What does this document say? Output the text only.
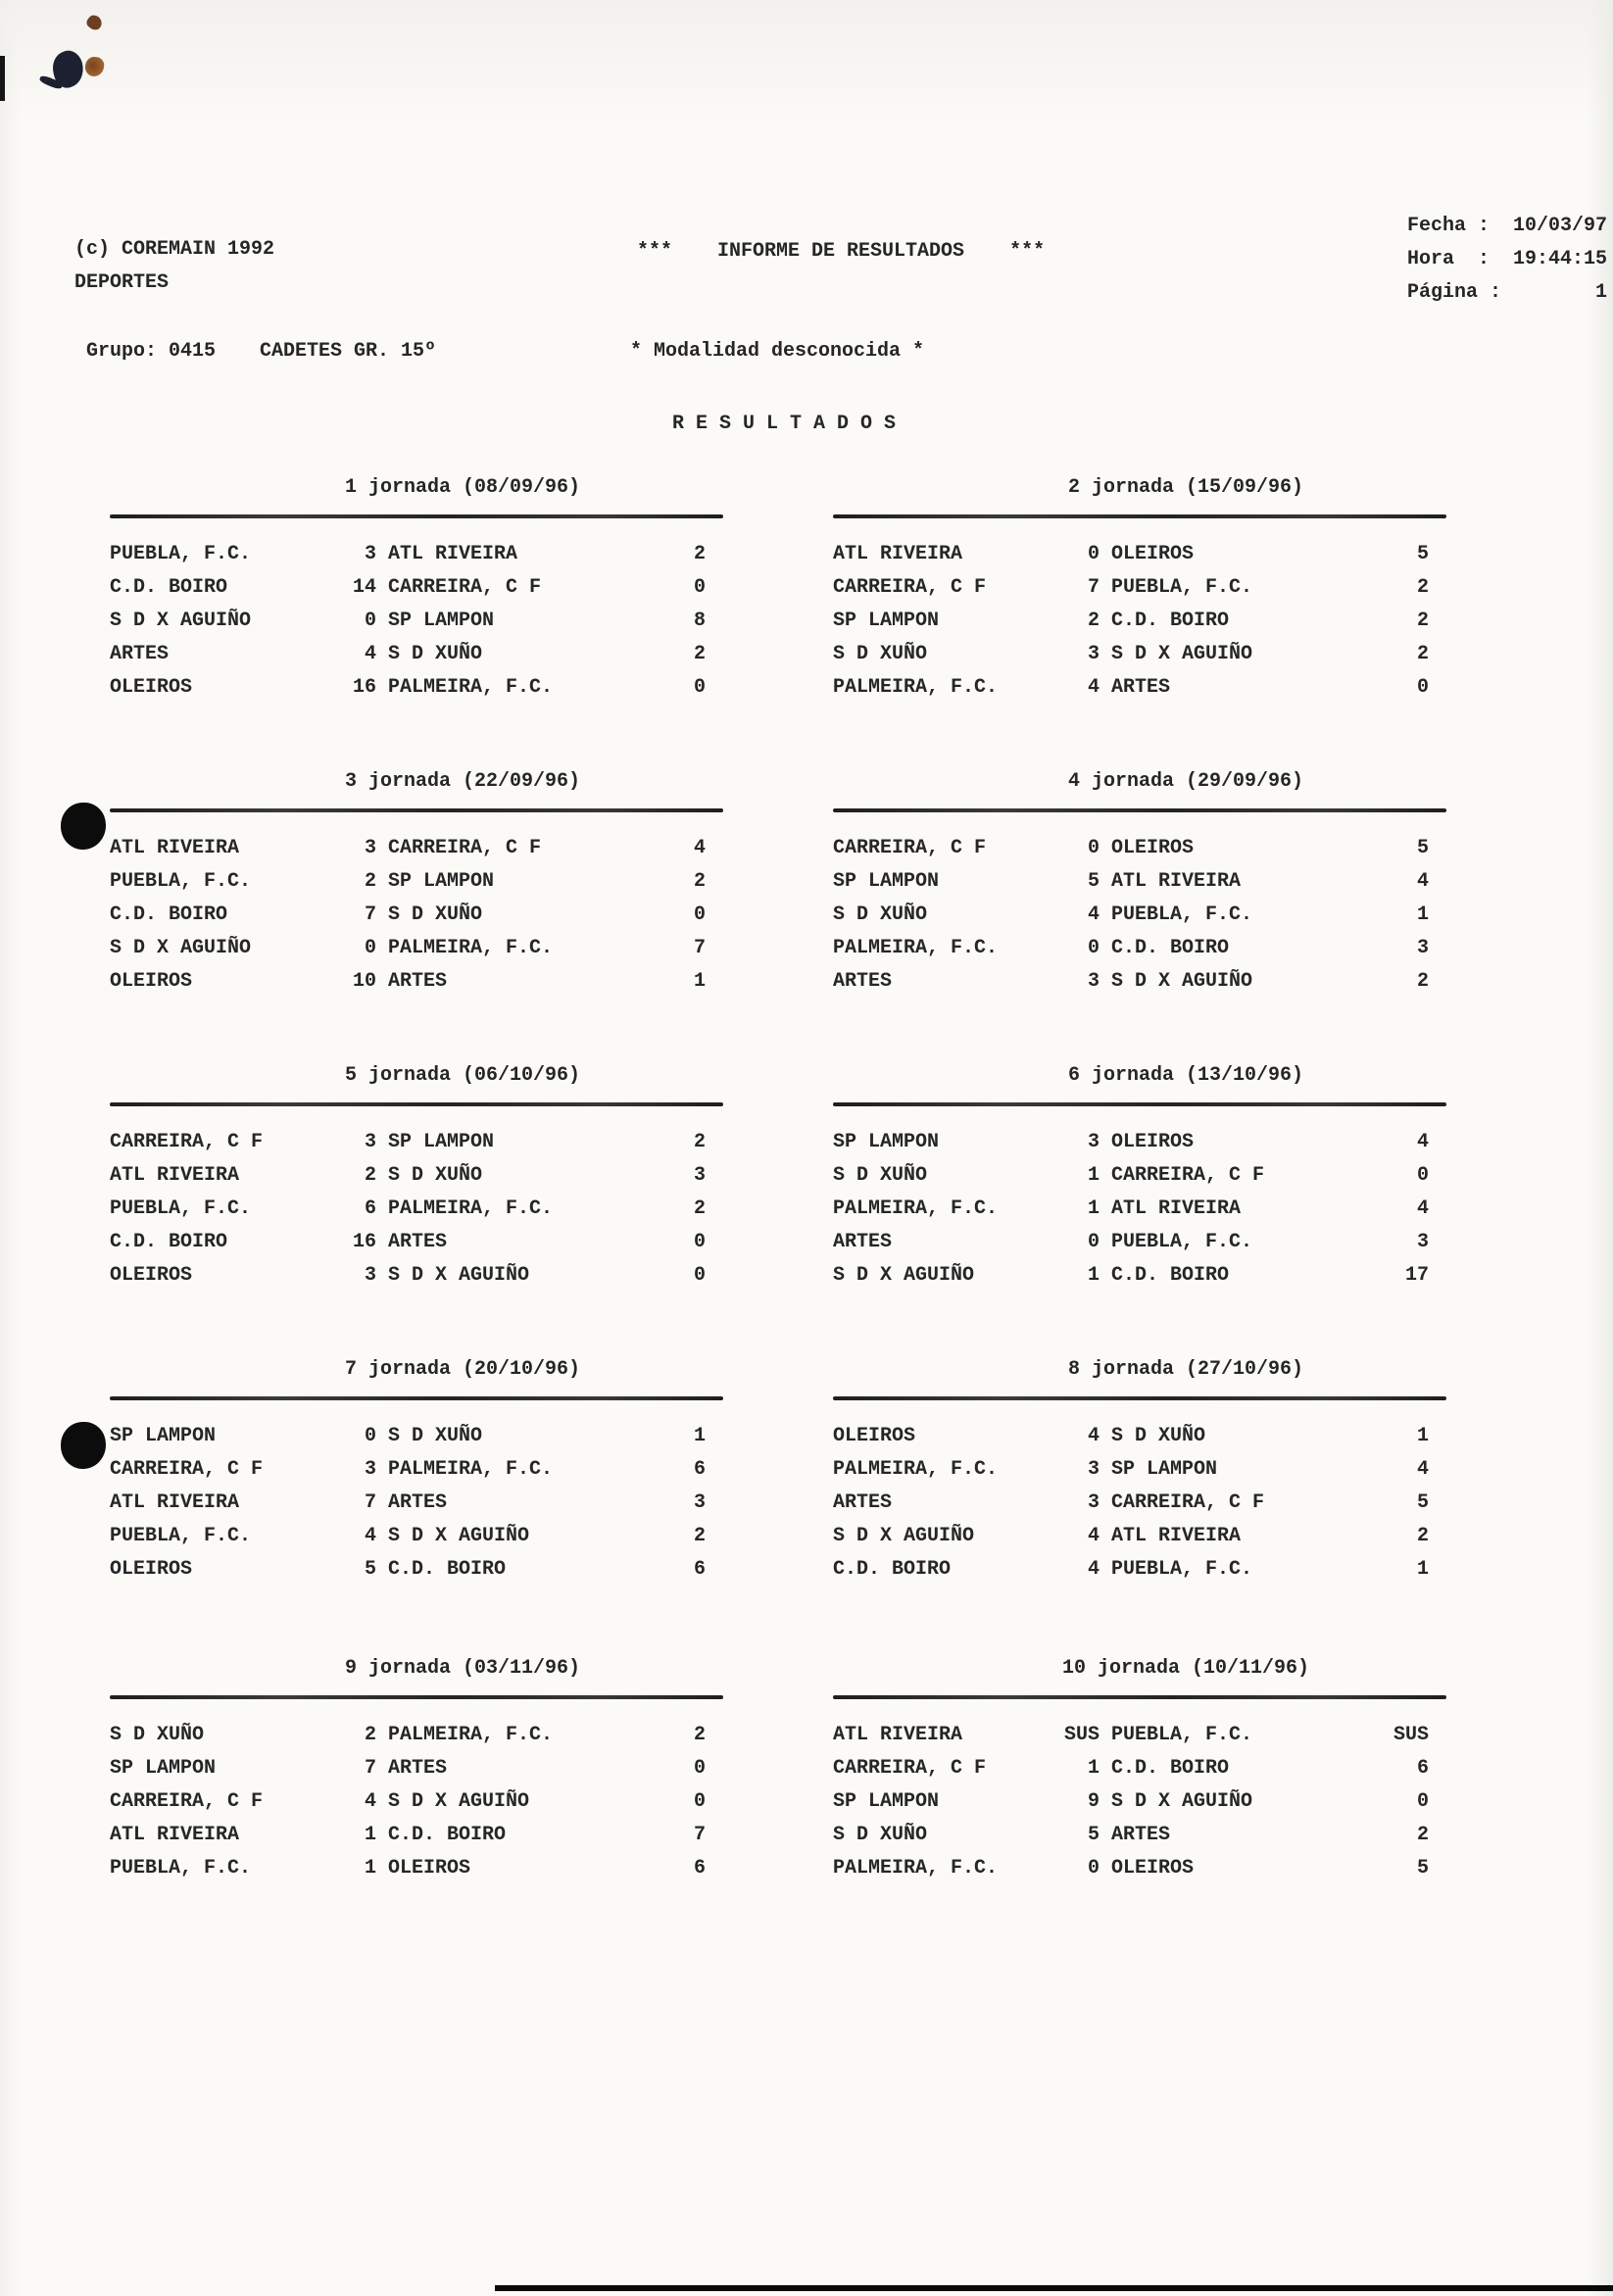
(c) COREMAIN 1992
DEPORTES
*** INFORME DE RESULTADOS ***
Fecha :	10/03/97
Hora  :	19:44:15
Página :	1
Grupo: 0415 CADETES GR. 15º	* Modalidad desconocida *
R E S U L T A D O S
1 jornada (08/09/96)
PUEBLA, F.C.	3 ATL RIVEIRA	2
C.D. BOIRO	14 CARREIRA, C F	0
S D X AGUIÑO	0 SP LAMPON	8
ARTES	4 S D XUÑO	2
OLEIROS	16 PALMEIRA, F.C.	0
2 jornada (15/09/96)
ATL RIVEIRA	0 OLEIROS	5
CARREIRA, C F	7 PUEBLA, F.C.	2
SP LAMPON	2 C.D. BOIRO	2
S D XUÑO	3 S D X AGUIÑO	2
PALMEIRA, F.C.	4 ARTES	0
3 jornada (22/09/96)
ATL RIVEIRA	3 CARREIRA, C F	4
PUEBLA, F.C.	2 SP LAMPON	2
C.D. BOIRO	7 S D XUÑO	0
S D X AGUIÑO	0 PALMEIRA, F.C.	7
OLEIROS	10 ARTES	1
4 jornada (29/09/96)
CARREIRA, C F	0 OLEIROS	5
SP LAMPON	5 ATL RIVEIRA	4
S D XUÑO	4 PUEBLA, F.C.	1
PALMEIRA, F.C.	0 C.D. BOIRO	3
ARTES	3 S D X AGUIÑO	2
5 jornada (06/10/96)
CARREIRA, C F	3 SP LAMPON	2
ATL RIVEIRA	2 S D XUÑO	3
PUEBLA, F.C.	6 PALMEIRA, F.C.	2
C.D. BOIRO	16 ARTES	0
OLEIROS	3 S D X AGUIÑO	0
6 jornada (13/10/96)
SP LAMPON	3 OLEIROS	4
S D XUÑO	1 CARREIRA, C F	0
PALMEIRA, F.C.	1 ATL RIVEIRA	4
ARTES	0 PUEBLA, F.C.	3
S D X AGUIÑO	1 C.D. BOIRO	17
7 jornada (20/10/96)
SP LAMPON	0 S D XUÑO	1
CARREIRA, C F	3 PALMEIRA, F.C.	6
ATL RIVEIRA	7 ARTES	3
PUEBLA, F.C.	4 S D X AGUIÑO	2
OLEIROS	5 C.D. BOIRO	6
8 jornada (27/10/96)
OLEIROS	4 S D XUÑO	1
PALMEIRA, F.C.	3 SP LAMPON	4
ARTES	3 CARREIRA, C F	5
S D X AGUIÑO	4 ATL RIVEIRA	2
C.D. BOIRO	4 PUEBLA, F.C.	1
9 jornada (03/11/96)
S D XUÑO	2 PALMEIRA, F.C.	2
SP LAMPON	7 ARTES	0
CARREIRA, C F	4 S D X AGUIÑO	0
ATL RIVEIRA	1 C.D. BOIRO	7
PUEBLA, F.C.	1 OLEIROS	6
10 jornada (10/11/96)
ATL RIVEIRA	SUS PUEBLA, F.C.	SUS
CARREIRA, C F	1 C.D. BOIRO	6
SP LAMPON	9 S D X AGUIÑO	0
S D XUÑO	5 ARTES	2
PALMEIRA, F.C.	0 OLEIROS	5
